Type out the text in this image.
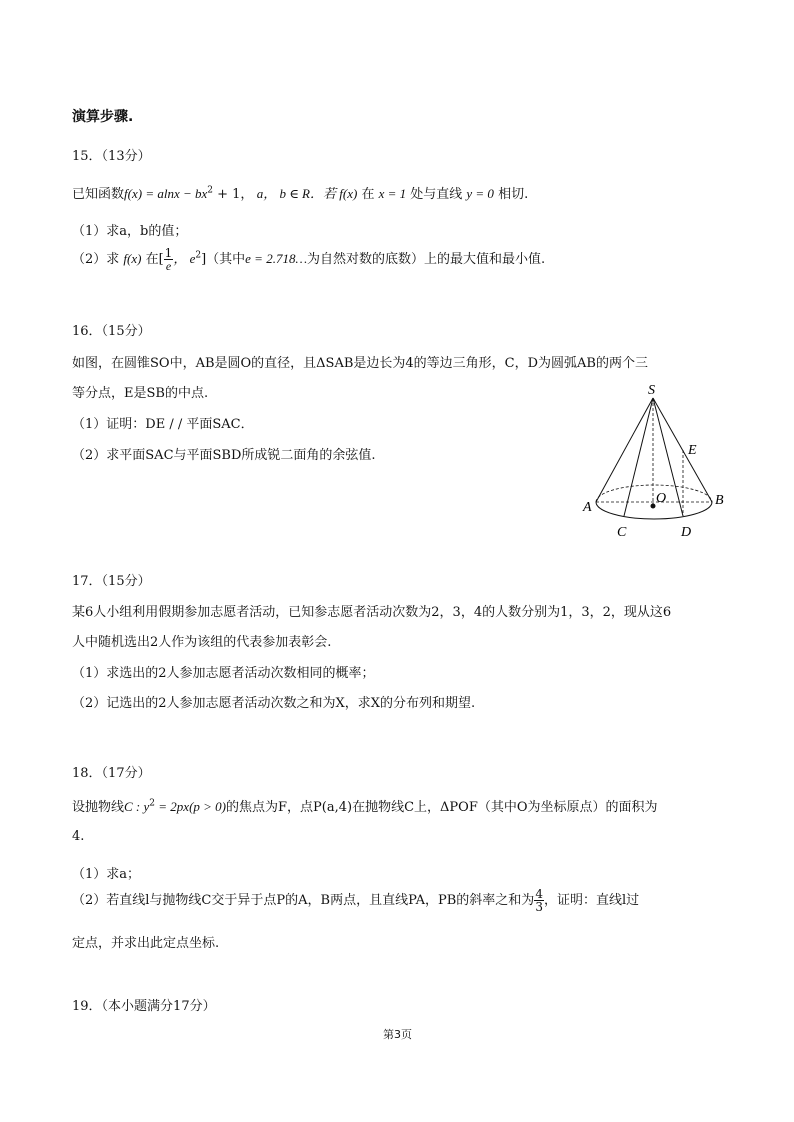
演算步骤.
15．（13分）
已知函数$f(x) = alnx - bx^2 + 1$， a， b ∈ R．若 f(x) 在 x = 1 处与直线 y = 0 相切.
（1）求a，b的值；
（2）求 f(x) 在[ $\frac{1}{e}$ ， $e^2$]（其中e = 2.718…为自然对数的底数）上的最大值和最小值.
16．（15分）
如图，在圆锥SO中，AB是圆O的直径，且ΔSAB是边长为4的等边三角形，C，D为圆弧AB的两个三
等分点，E是SB的中点.
（1）证明：DE / / 平面SAC．
（2）求平面SAC与平面SBD所成锐二面角的余弦值.
S
E
O
A	B
C	D
17．（15分）
某6人小组利用假期参加志愿者活动，已知参志愿者活动次数为2，3，4的人数分别为1，3，2，现从这6
人中随机选出2人作为该组的代表参加表彰会.
（1）求选出的2人参加志愿者活动次数相同的概率；
（2）记选出的2人参加志愿者活动次数之和为X，求X的分布列和期望.
18．（17分）
设抛物线C : $y^2 = 2px(p > 0)$的焦点为F，点P(a,4)在抛物线C上，ΔPOF（其中O为坐标原点）的面积为
4.
（1）求a；
（2）若直线l与抛物线C交于异于点P的A，B两点，且直线PA，PB的斜率之和为 $\frac{4}{3}$ ，证明：直线l过
定点，并求出此定点坐标.
19．（本小题满分17分）
第3页
